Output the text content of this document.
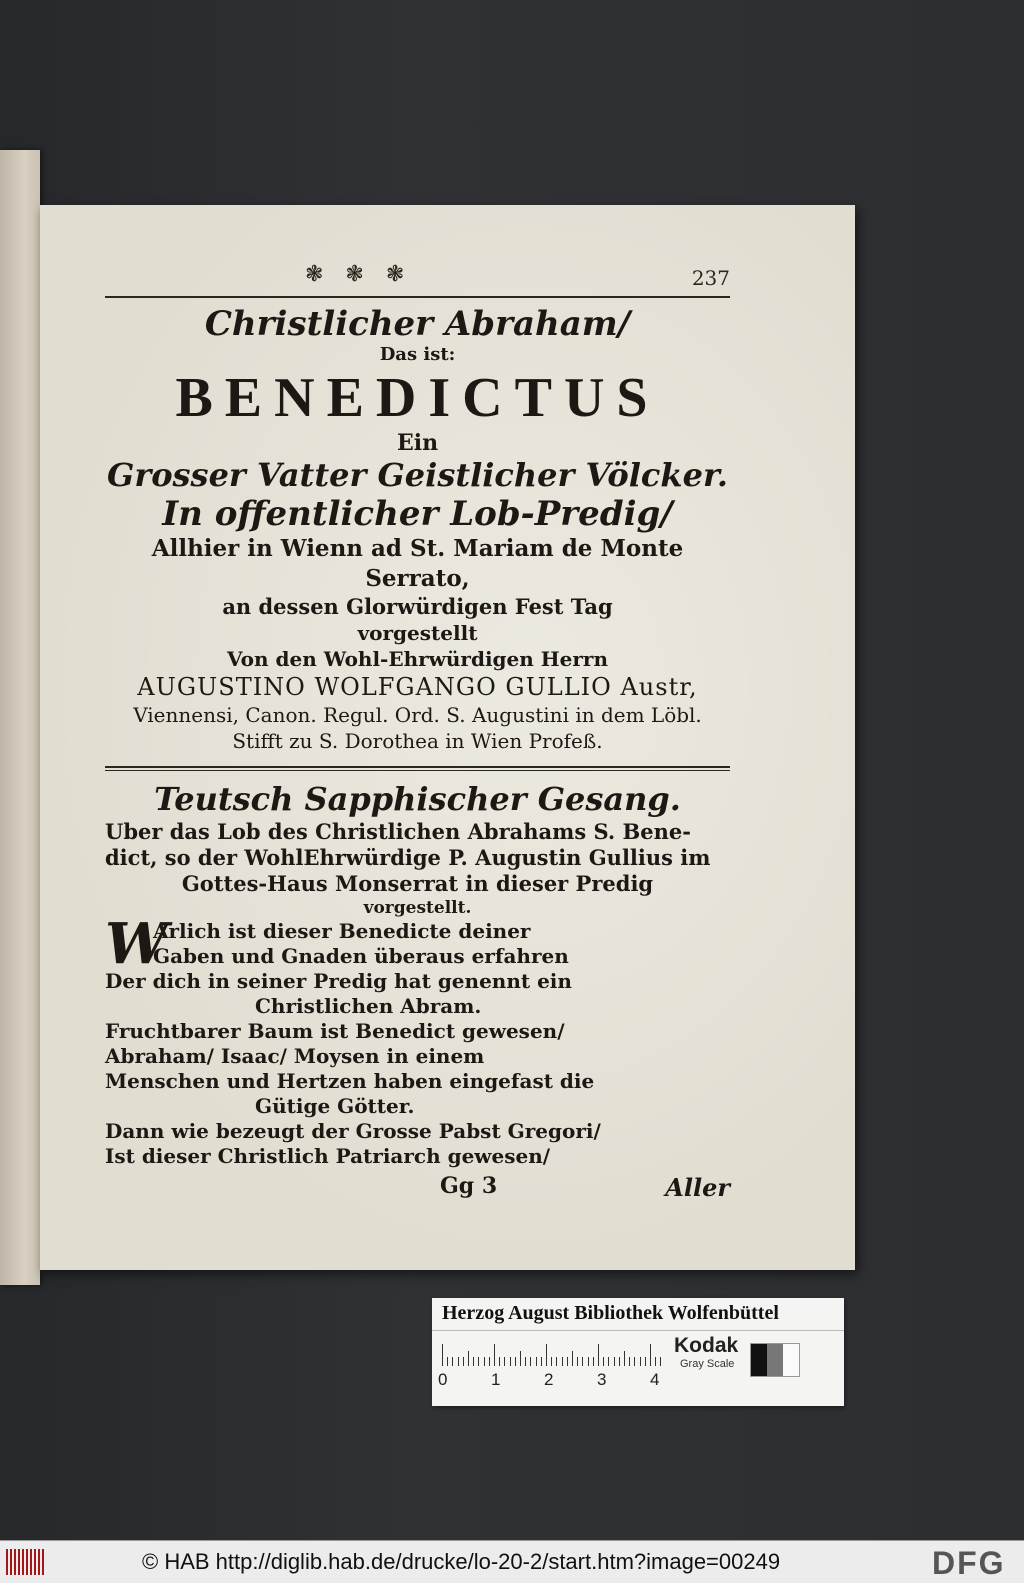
❃❃❃	237
Christlicher Abraham/
Das ist:
BENEDICTUS
Ein
Grosser Vatter Geistlicher Völcker.
In offentlicher Lob-Predig/
Allhier in Wienn ad St. Mariam de Monte Serrato,
an dessen Glorwürdigen Fest Tag
vorgestellt
Von den Wohl-Ehrwürdigen Herrn
AUGUSTINO WOLFGANGO GULLIO Austr,
Viennensi, Canon. Regul. Ord. S. Augustini in dem Löbl.
Stifft zu S. Dorothea in Wien Profeß.
Teutsch Sapphischer Gesang.
Uber das Lob des Christlichen Abrahams S. Bene-
dict, so der WohlEhrwürdige P. Augustin Gullius im
Gottes-Haus Monserrat in dieser Predig
vorgestellt.
W
Arlich ist dieser Benedicte deiner
Gaben und Gnaden überaus erfahren
Der dich in seiner Predig hat genennt ein
Christlichen Abram.
Fruchtbarer Baum ist Benedict gewesen/
Abraham/ Isaac/ Moysen in einem
Menschen und Hertzen haben eingefast die
Gütige Götter.
Dann wie bezeugt der Grosse Pabst Gregori/
Ist dieser Christlich Patriarch gewesen/
Gg 3	Aller
Herzog August Bibliothek Wolfenbüttel
0	1	2	3	4
Kodak
Gray Scale
© HAB http://diglib.hab.de/drucke/lo-20-2/start.htm?image=00249	DFG
